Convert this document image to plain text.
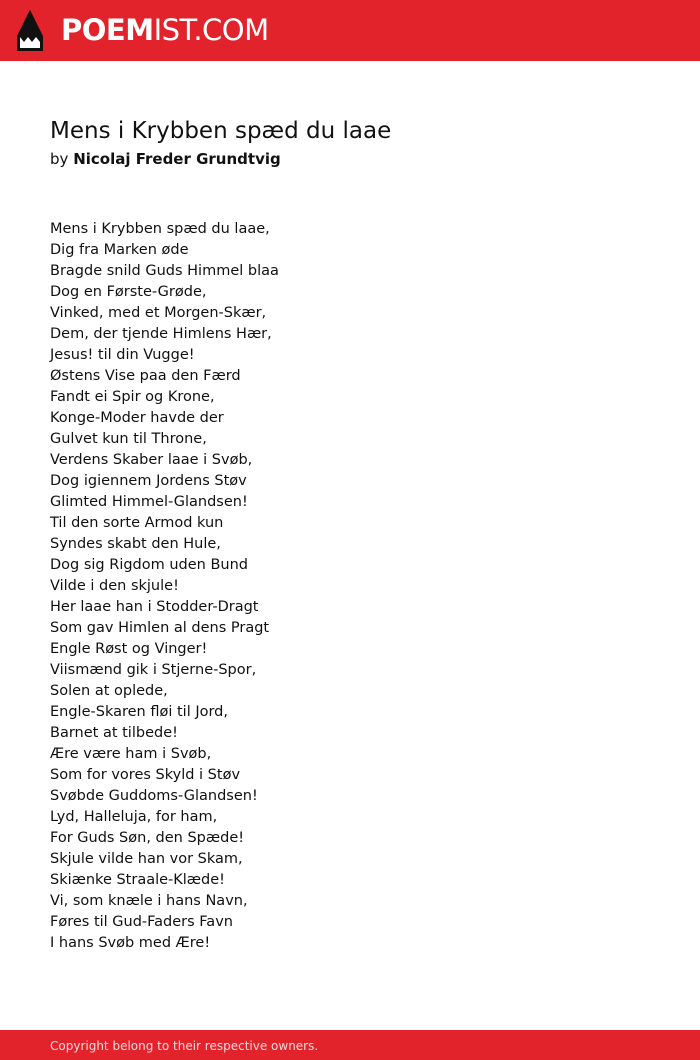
POEMIST.COM
Mens i Krybben spæd du laae
by Nicolaj Freder Grundtvig
Mens i Krybben spæd du laae,
Dig fra Marken øde
Bragde snild Guds Himmel blaa
Dog en Første-Grøde,
Vinked, med et Morgen-Skær,
Dem, der tjende Himlens Hær,
Jesus! til din Vugge!
Østens Vise paa den Færd
Fandt ei Spir og Krone,
Konge-Moder havde der
Gulvet kun til Throne,
Verdens Skaber laae i Svøb,
Dog igiennem Jordens Støv
Glimted Himmel-Glandsen!
Til den sorte Armod kun
Syndes skabt den Hule,
Dog sig Rigdom uden Bund
Vilde i den skjule!
Her laae han i Stodder-Dragt
Som gav Himlen al dens Pragt
Engle Røst og Vinger!
Viismænd gik i Stjerne-Spor,
Solen at oplede,
Engle-Skaren fløi til Jord,
Barnet at tilbede!
Ære være ham i Svøb,
Som for vores Skyld i Støv
Svøbde Guddoms-Glandsen!
Lyd, Halleluja, for ham,
For Guds Søn, den Spæde!
Skjule vilde han vor Skam,
Skiænke Straale-Klæde!
Vi, som knæle i hans Navn,
Føres til Gud-Faders Favn
I hans Svøb med Ære!
Copyright belong to their respective owners.
